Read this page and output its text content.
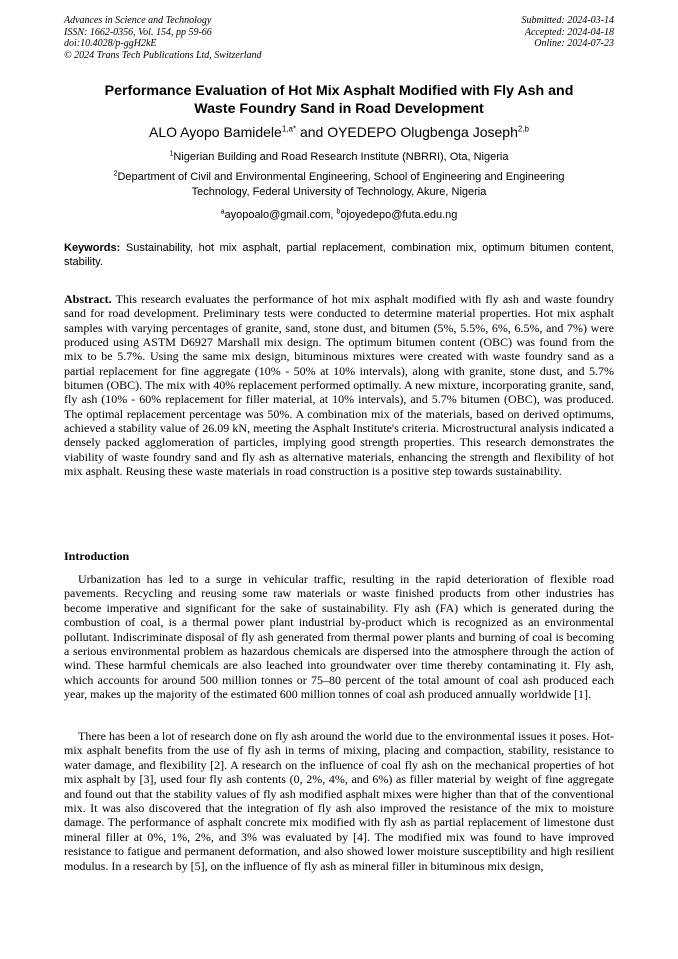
Advances in Science and Technology
ISSN: 1662-0356, Vol. 154, pp 59-66
doi:10.4028/p-ggH2kE
© 2024 Trans Tech Publications Ltd, Switzerland
Submitted: 2024-03-14
Accepted: 2024-04-18
Online: 2024-07-23
Performance Evaluation of Hot Mix Asphalt Modified with Fly Ash and
Waste Foundry Sand in Road Development
ALO Ayopo Bamidele$^{1,a*}$ and OYEDEPO Olugbenga Joseph$^{2,b}$
$^1$Nigerian Building and Road Research Institute (NBRRI), Ota, Nigeria
$^2$Department of Civil and Environmental Engineering, School of Engineering and Engineering
Technology, Federal University of Technology, Akure, Nigeria
$^a$ayopoalo@gmail.com, $^b$ojoyedepo@futa.edu.ng
Keywords: Sustainability, hot mix asphalt, partial replacement, combination mix, optimum bitumen content, stability.
Abstract. This research evaluates the performance of hot mix asphalt modified with fly ash and waste foundry sand for road development. Preliminary tests were conducted to determine material properties. Hot mix asphalt samples with varying percentages of granite, sand, stone dust, and bitumen (5%, 5.5%, 6%, 6.5%, and 7%) were produced using ASTM D6927 Marshall mix design. The optimum bitumen content (OBC) was found from the mix to be 5.7%. Using the same mix design, bituminous mixtures were created with waste foundry sand as a partial replacement for fine aggregate (10% - 50% at 10% intervals), along with granite, stone dust, and 5.7% bitumen (OBC). The mix with 40% replacement performed optimally. A new mixture, incorporating granite, sand, fly ash (10% - 60% replacement for filler material, at 10% intervals), and 5.7% bitumen (OBC), was produced. The optimal replacement percentage was 50%. A combination mix of the materials, based on derived optimums, achieved a stability value of 26.09 kN, meeting the Asphalt Institute's criteria. Microstructural analysis indicated a densely packed agglomeration of particles, implying good strength properties. This research demonstrates the viability of waste foundry sand and fly ash as alternative materials, enhancing the strength and flexibility of hot mix asphalt. Reusing these waste materials in road construction is a positive step towards sustainability.
Introduction
Urbanization has led to a surge in vehicular traffic, resulting in the rapid deterioration of flexible road pavements. Recycling and reusing some raw materials or waste finished products from other industries has become imperative and significant for the sake of sustainability. Fly ash (FA) which is generated during the combustion of coal, is a thermal power plant industrial by-product which is recognized as an environmental pollutant. Indiscriminate disposal of fly ash generated from thermal power plants and burning of coal is becoming a serious environmental problem as hazardous chemicals are dispersed into the atmosphere through the action of wind. These harmful chemicals are also leached into groundwater over time thereby contaminating it. Fly ash, which accounts for around 500 million tonnes or 75–80 percent of the total amount of coal ash produced each year, makes up the majority of the estimated 600 million tonnes of coal ash produced annually worldwide [1].
There has been a lot of research done on fly ash around the world due to the environmental issues it poses. Hot-mix asphalt benefits from the use of fly ash in terms of mixing, placing and compaction, stability, resistance to water damage, and flexibility [2]. A research on the influence of coal fly ash on the mechanical properties of hot mix asphalt by [3], used four fly ash contents (0, 2%, 4%, and 6%) as filler material by weight of fine aggregate and found out that the stability values of fly ash modified asphalt mixes were higher than that of the conventional mix. It was also discovered that the integration of fly ash also improved the resistance of the mix to moisture damage. The performance of asphalt concrete mix modified with fly ash as partial replacement of limestone dust mineral filler at 0%, 1%, 2%, and 3% was evaluated by [4]. The modified mix was found to have improved resistance to fatigue and permanent deformation, and also showed lower moisture susceptibility and high resilient modulus. In a research by [5], on the influence of fly ash as mineral filler in bituminous mix design,
